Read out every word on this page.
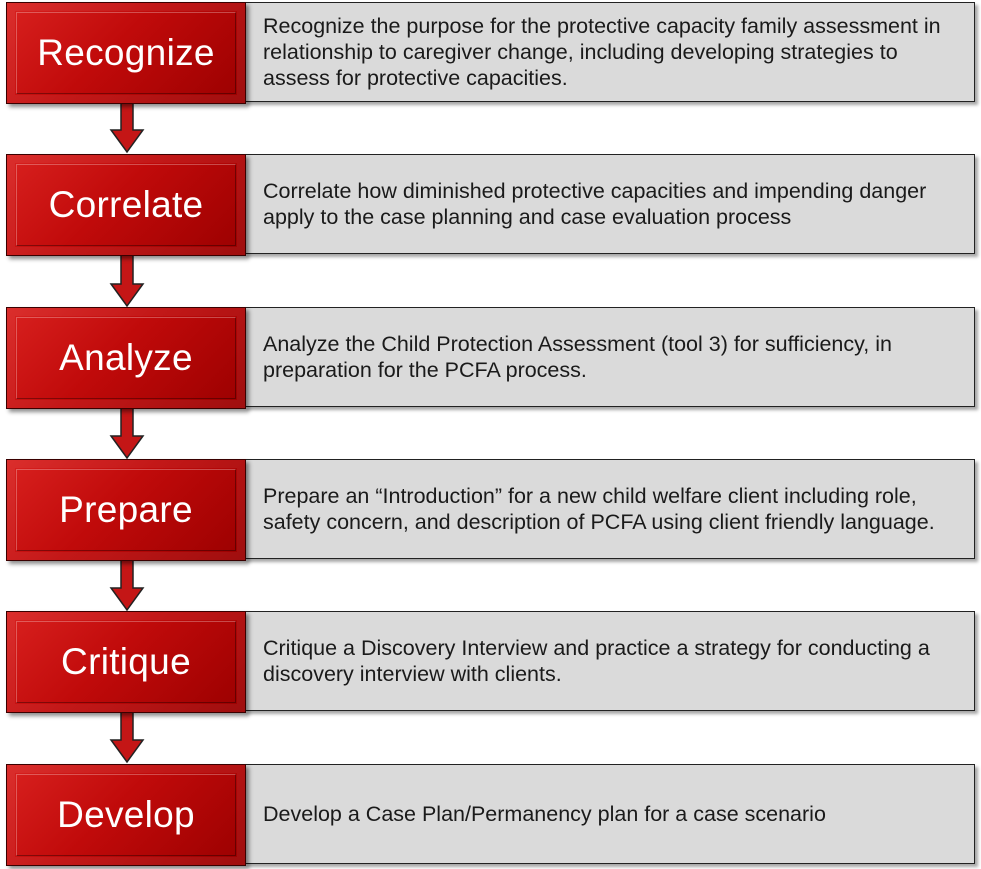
Recognize the purpose for the protective capacity family assessment in relationship to caregiver change, including developing strategies to assess for protective capacities.
Recognize
Correlate how diminished protective capacities and impending danger apply to the case planning and case evaluation process
Correlate
Analyze the Child Protection Assessment (tool 3) for sufficiency, in preparation for the PCFA process.
Analyze
Prepare an “Introduction” for a new child welfare client including role, safety concern, and description of PCFA using client friendly language.
Prepare
Critique a Discovery Interview and practice a strategy for conducting a discovery interview with clients.
Critique
Develop a Case Plan/Permanency plan for a case scenario
Develop
